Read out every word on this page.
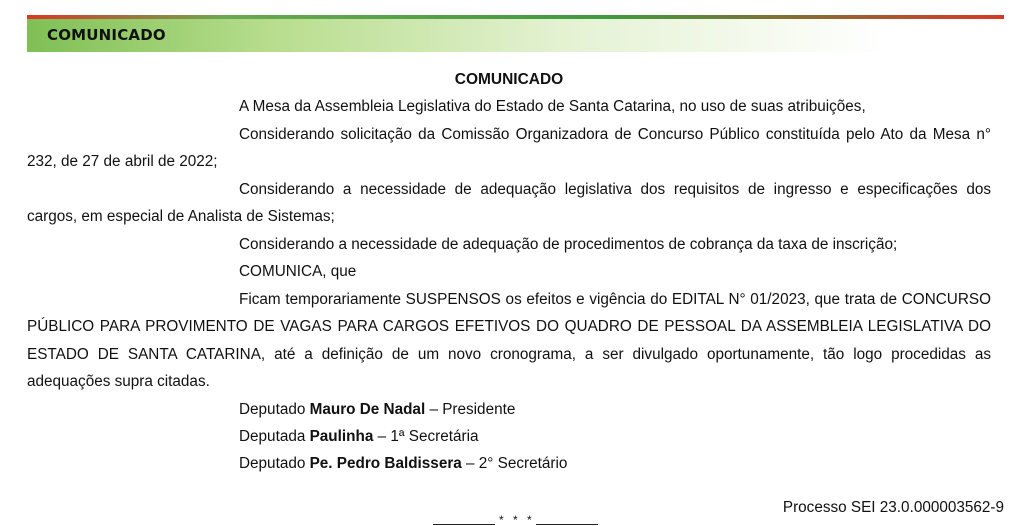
COMUNICADO
COMUNICADO

A Mesa da Assembleia Legislativa do Estado de Santa Catarina, no uso de suas atribuições,

Considerando solicitação da Comissão Organizadora de Concurso Público constituída pelo Ato da Mesa n° 232, de 27 de abril de 2022;

Considerando a necessidade de adequação legislativa dos requisitos de ingresso e especificações dos cargos, em especial de Analista de Sistemas;

Considerando a necessidade de adequação de procedimentos de cobrança da taxa de inscrição;

COMUNICA, que

Ficam temporariamente SUSPENSOS os efeitos e vigência do EDITAL N° 01/2023, que trata de CONCURSO PÚBLICO PARA PROVIMENTO DE VAGAS PARA CARGOS EFETIVOS DO QUADRO DE PESSOAL DA ASSEMBLEIA LEGISLATIVA DO ESTADO DE SANTA CATARINA, até a definição de um novo cronograma, a ser divulgado oportunamente, tão logo procedidas as adequações supra citadas.

Deputado Mauro De Nadal – Presidente

Deputada Paulinha – 1ª Secretária

Deputado Pe. Pedro Baldissera – 2° Secretário

Processo SEI 23.0.000003562-9
* * *
